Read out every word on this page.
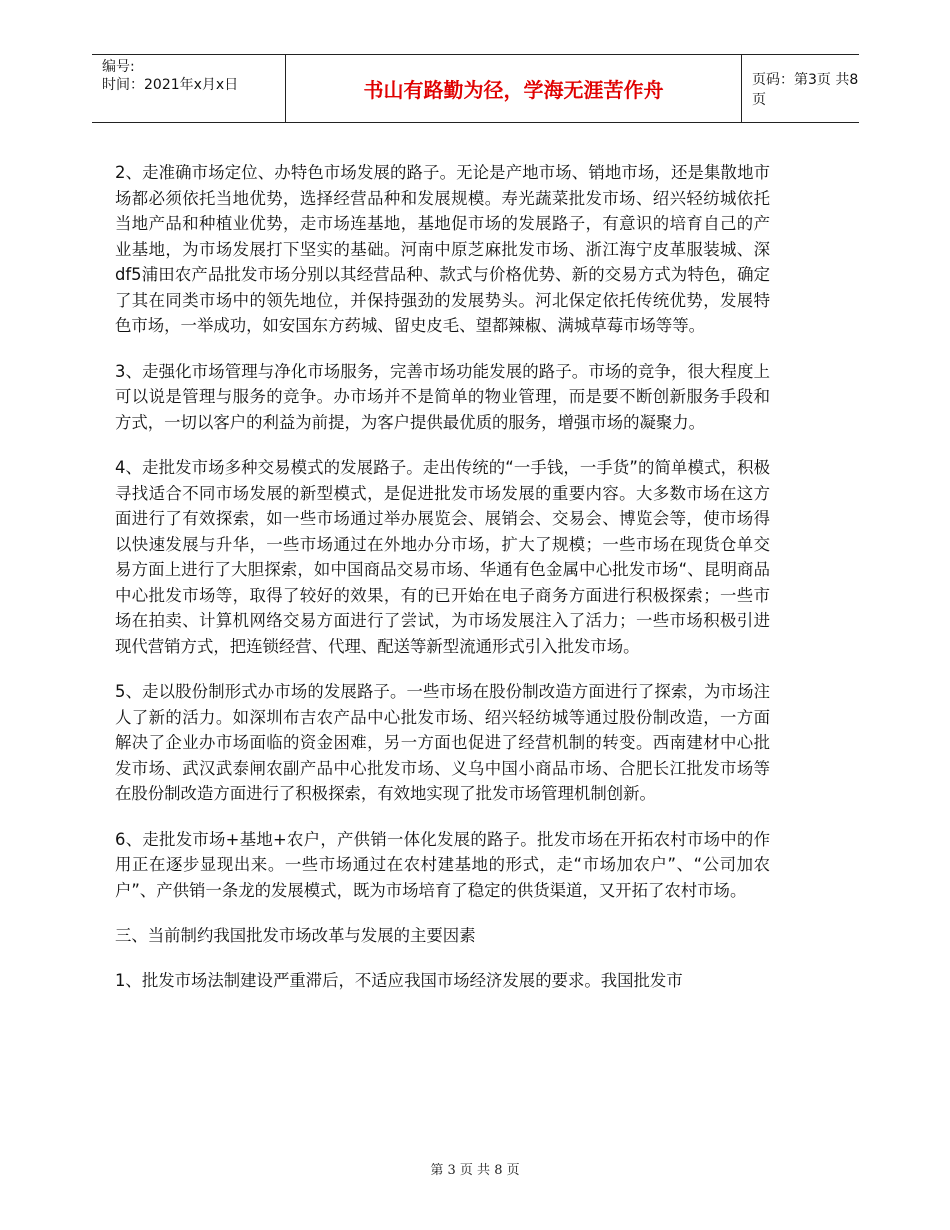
编号:
时间：2021年x月x日	书山有路勤为径，学海无涯苦作舟	页码：第3页 共8页

2、走准确市场定位、办特色市场发展的路子。无论是产地市场、销地市场，还是集散地市场都必须依托当地优势，选择经营品种和发展规模。寿光蔬菜批发市场、绍兴轻纺城依托当地产品和种植业优势，走市场连基地，基地促市场的发展路子，有意识的培育自己的产业基地，为市场发展打下坚实的基础。河南中原芝麻批发市场、浙江海宁皮革服装城、深df5浦田农产品批发市场分别以其经营品种、款式与价格优势、新的交易方式为特色，确定了其在同类市场中的领先地位，并保持强劲的发展势头。河北保定依托传统优势，发展特色市场，一举成功，如安国东方药城、留史皮毛、望都辣椒、满城草莓市场等等。

3、走强化市场管理与净化市场服务，完善市场功能发展的路子。市场的竞争，很大程度上可以说是管理与服务的竞争。办市场并不是简单的物业管理，而是要不断创新服务手段和方式，一切以客户的利益为前提，为客户提供最优质的服务，增强市场的凝聚力。

4、走批发市场多种交易模式的发展路子。走出传统的“一手钱，一手货”的简单模式，积极寻找适合不同市场发展的新型模式，是促进批发市场发展的重要内容。大多数市场在这方面进行了有效探索，如一些市场通过举办展览会、展销会、交易会、博览会等，使市场得以快速发展与升华，一些市场通过在外地办分市场，扩大了规模；一些市场在现货仓单交易方面上进行了大胆探索，如中国商品交易市场、华通有色金属中心批发市场“、昆明商品中心批发市场等，取得了较好的效果，有的已开始在电子商务方面进行积极探索；一些市场在拍卖、计算机网络交易方面进行了尝试，为市场发展注入了活力；一些市场积极引进现代营销方式，把连锁经营、代理、配送等新型流通形式引入批发市场。

5、走以股份制形式办市场的发展路子。一些市场在股份制改造方面进行了探索，为市场注人了新的活力。如深圳布吉农产品中心批发市场、绍兴轻纺城等通过股份制改造，一方面解决了企业办市场面临的资金困难，另一方面也促进了经营机制的转变。西南建材中心批发市场、武汉武泰闸农副产品中心批发市场、义乌中国小商品市场、合肥长江批发市场等在股份制改造方面进行了积极探索，有效地实现了批发市场管理机制创新。

6、走批发市场+基地+农户，产供销一体化发展的路子。批发市场在开拓农村市场中的作用正在逐步显现出来。一些市场通过在农村建基地的形式，走“市场加农户”、“公司加农户”、产供销一条龙的发展模式，既为市场培育了稳定的供货渠道，又开拓了农村市场。

三、当前制约我国批发市场改革与发展的主要因素

1、批发市场法制建设严重滞后，不适应我国市场经济发展的要求。我国批发市

第 3 页 共 8 页
